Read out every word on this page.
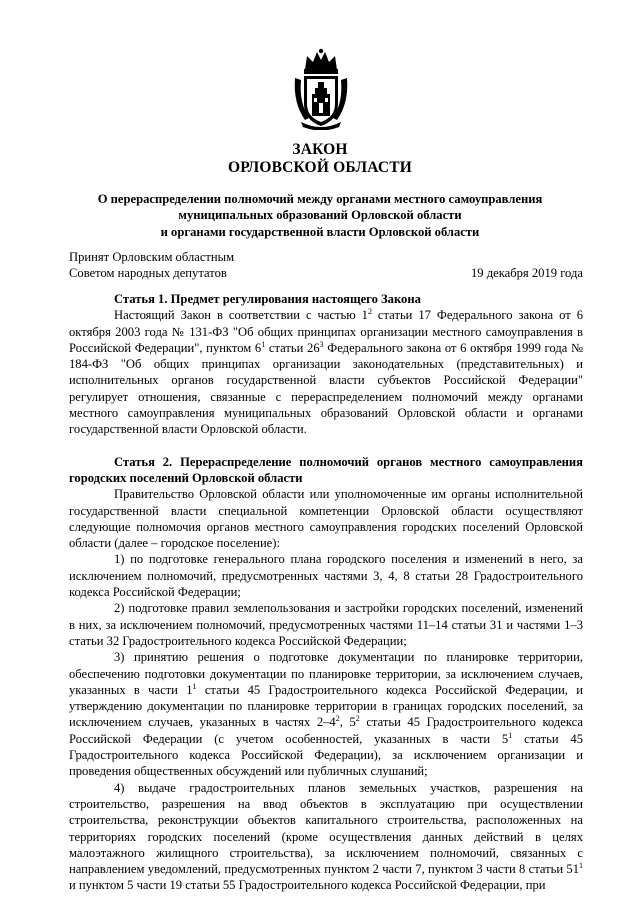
ЗАКОН
ОРЛОВСКОЙ ОБЛАСТИ
О перераспределении полномочий между органами местного самоуправления
муниципальных образований Орловской области
и органами государственной власти Орловской области
Принят Орловским областным
Советом народных депутатов	19 декабря 2019 года

Статья 1. Предмет регулирования настоящего Закона

Настоящий Закон в соответствии с частью $1^2$ статьи 17 Федерального закона от 6 октября 2003 года № 131-ФЗ "Об общих принципах организации местного самоуправления в Российской Федерации", пунктом $6^1$ статьи $26^3$ Федерального закона от 6 октября 1999 года № 184-ФЗ "Об общих принципах организации законодательных (представительных) и исполнительных органов государственной власти субъектов Российской Федерации" регулирует отношения, связанные с перераспределением полномочий между органами местного самоуправления муниципальных образований Орловской области и органами государственной власти Орловской области.

Статья 2. Перераспределение полномочий органов местного самоуправления городских поселений Орловской области

Правительство Орловской области или уполномоченные им органы исполнительной государственной власти специальной компетенции Орловской области осуществляют следующие полномочия органов местного самоуправления городских поселений Орловской области (далее – городское поселение):

1) по подготовке генерального плана городского поселения и изменений в него, за исключением полномочий, предусмотренных частями 3, 4, 8 статьи 28 Градостроительного кодекса Российской Федерации;

2) подготовке правил землепользования и застройки городских поселений, изменений в них, за исключением полномочий, предусмотренных частями 11–14 статьи 31 и частями 1–3 статьи 32 Градостроительного кодекса Российской Федерации;

3) принятию решения о подготовке документации по планировке территории, обеспечению подготовки документации по планировке территории, за исключением случаев, указанных в части $1^1$ статьи 45 Градостроительного кодекса Российской Федерации, и утверждению документации по планировке территории в границах городских поселений, за исключением случаев, указанных в частях $2-4^2$, $5^2$ статьи 45 Градостроительного кодекса Российской Федерации (с учетом особенностей, указанных в части $5^1$ статьи 45 Градостроительного кодекса Российской Федерации), за исключением организации и проведения общественных обсуждений или публичных слушаний;

4) выдаче градостроительных планов земельных участков, разрешения на строительство, разрешения на ввод объектов в эксплуатацию при осуществлении строительства, реконструкции объектов капитального строительства, расположенных на территориях городских поселений (кроме осуществления данных действий в целях малоэтажного жилищного строительства), за исключением полномочий, связанных с направлением уведомлений, предусмотренных пунктом 2 части 7, пунктом 3 части 8 статьи $51^1$ и пунктом 5 части 19 статьи 55 Градостроительного кодекса Российской Федерации, при
